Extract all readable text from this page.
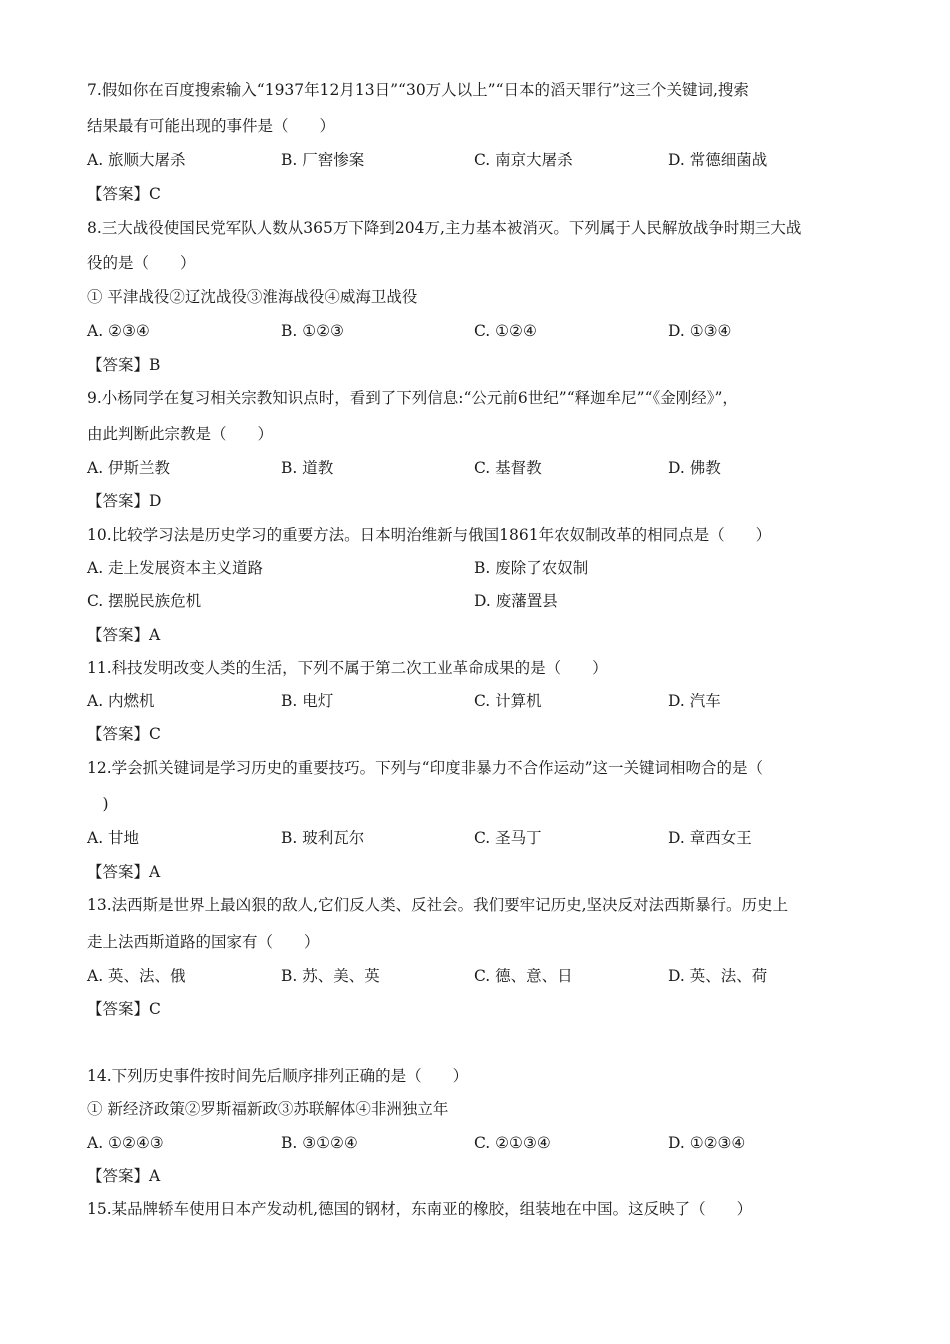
7.假如你在百度搜索输入“1937年12月13日”“30万人以上”“日本的滔天罪行”这三个关键词,搜索
结果最有可能出现的事件是（　　）
A. 旅顺大屠杀	B. 厂窖惨案	C. 南京大屠杀	D. 常德细菌战
【答案】C
8.三大战役使国民党军队人数从365万下降到204万,主力基本被消灭。下列属于人民解放战争时期三大战
役的是（　　）
① 平津战役②辽沈战役③淮海战役④威海卫战役
A. ②③④	B. ①②③	C. ①②④	D. ①③④
【答案】B
9.小杨同学在复习相关宗教知识点时，看到了下列信息:“公元前6世纪”“释迦牟尼”“《金刚经》”，
由此判断此宗教是（　　）
A. 伊斯兰教	B. 道教	C. 基督教	D. 佛教
【答案】D
10.比较学习法是历史学习的重要方法。日本明治维新与俄国1861年农奴制改革的相同点是（　　）
A. 走上发展资本主义道路	B. 废除了农奴制
C. 摆脱民族危机	D. 废藩置县
【答案】A
11.科技发明改变人类的生活，下列不属于第二次工业革命成果的是（　　）
A. 内燃机	B. 电灯	C. 计算机	D. 汽车
【答案】C
12.学会抓关键词是学习历史的重要技巧。下列与“印度非暴力不合作运动”这一关键词相吻合的是（
　)
A. 甘地	B. 玻利瓦尔	C. 圣马丁	D. 章西女王
【答案】A
13.法西斯是世界上最凶狠的敌人,它们反人类、反社会。我们要牢记历史,坚决反对法西斯暴行。历史上
走上法西斯道路的国家有（　　）
A. 英、法、俄	B. 苏、美、英	C. 德、意、日	D. 英、法、荷
【答案】C
14.下列历史事件按时间先后顺序排列正确的是（　　）
① 新经济政策②罗斯福新政③苏联解体④非洲独立年
A. ①②④③	B. ③①②④	C. ②①③④	D. ①②③④
【答案】A
15.某品牌轿车使用日本产发动机,德国的钢材，东南亚的橡胶，组装地在中国。这反映了（　　）
